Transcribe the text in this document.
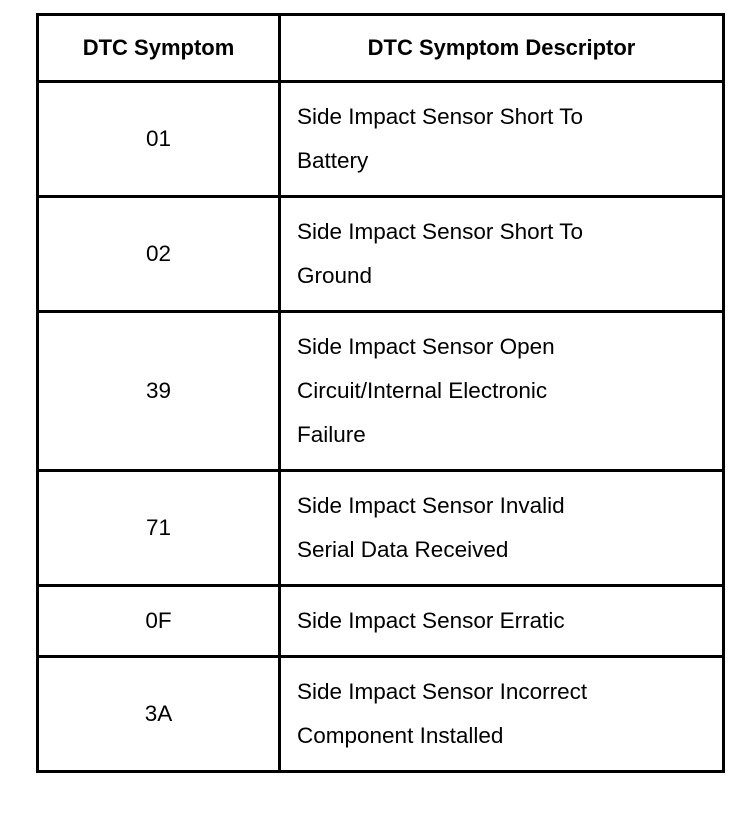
DTC Symptom	DTC Symptom Descriptor
01	Side Impact Sensor Short To
Battery

02	Side Impact Sensor Short To
Ground

39	Side Impact Sensor Open
Circuit/Internal Electronic
Failure

71	Side Impact Sensor Invalid
Serial Data Received

0F	Side Impact Sensor Erratic

3A	Side Impact Sensor Incorrect
Component Installed
